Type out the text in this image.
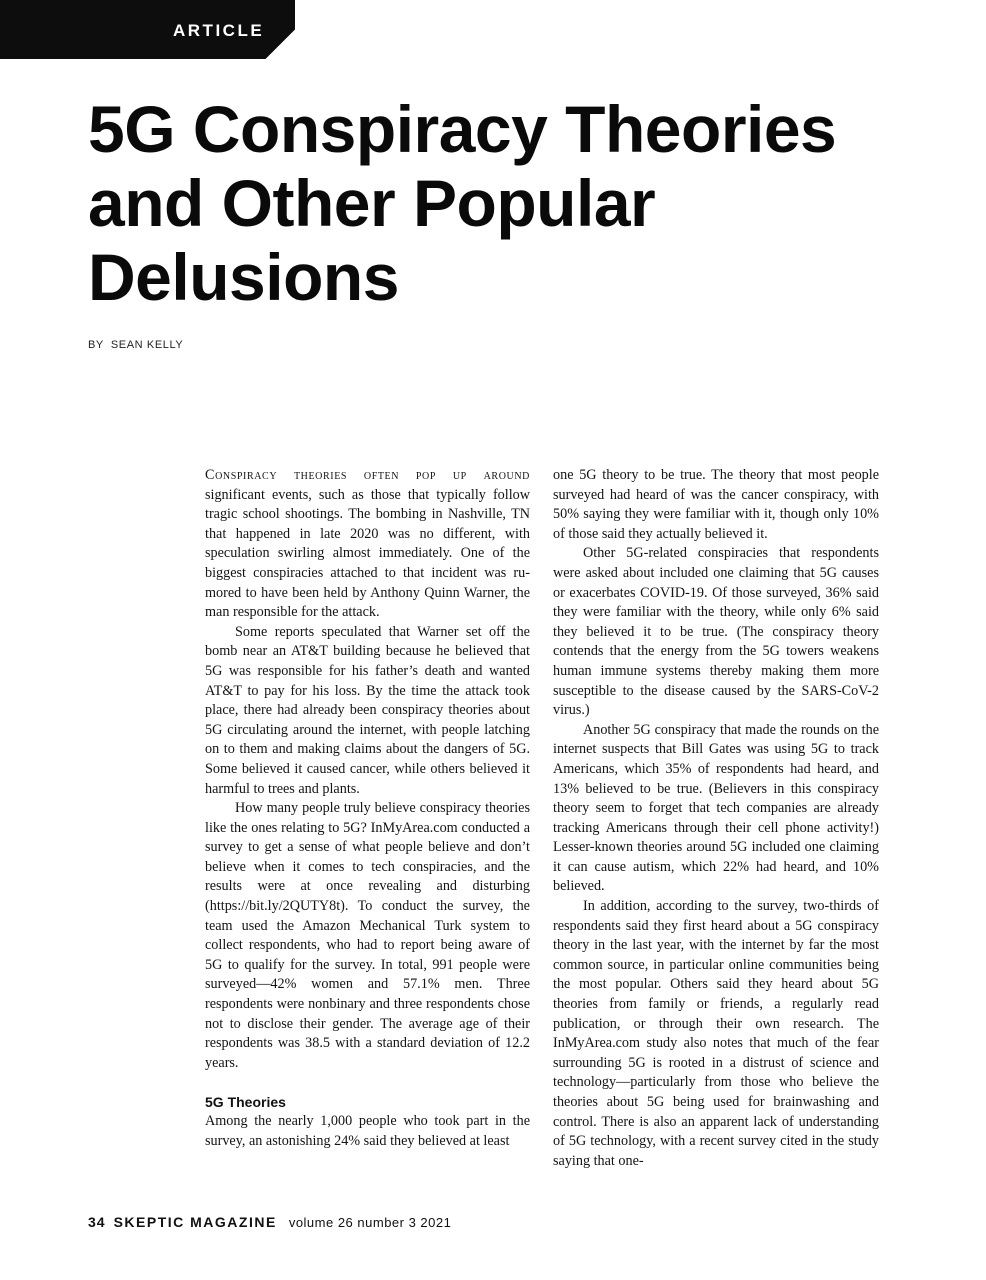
ARTICLE
5G Conspiracy Theories and Other Popular Delusions
BY SEAN KELLY

Conspiracy theories often pop up around significant events, such as those that typically follow tragic school shootings. The bombing in Nashville, TN that happened in late 2020 was no different, with speculation swirling almost immediately. One of the biggest conspiracies attached to that incident was rumored to have been held by Anthony Quinn Warner, the man responsible for the attack.

Some reports speculated that Warner set off the bomb near an AT&T building because he believed that 5G was responsible for his father’s death and wanted AT&T to pay for his loss. By the time the attack took place, there had already been conspiracy theories about 5G circulating around the internet, with people latching on to them and making claims about the dangers of 5G. Some believed it caused cancer, while others believed it harmful to trees and plants.

How many people truly believe conspiracy theories like the ones relating to 5G? InMyArea.com conducted a survey to get a sense of what people believe and don’t believe when it comes to tech conspiracies, and the results were at once revealing and disturbing (https://bit.ly/2QUTY8t). To conduct the survey, the team used the Amazon Mechanical Turk system to collect respondents, who had to report being aware of 5G to qualify for the survey. In total, 991 people were surveyed—42% women and 57.1% men. Three respondents were nonbinary and three respondents chose not to disclose their gender. The average age of their respondents was 38.5 with a standard deviation of 12.2 years.

5G Theories

Among the nearly 1,000 people who took part in the survey, an astonishing 24% said they believed at least

one 5G theory to be true. The theory that most people surveyed had heard of was the cancer conspiracy, with 50% saying they were familiar with it, though only 10% of those said they actually believed it.

Other 5G-related conspiracies that respondents were asked about included one claiming that 5G causes or exacerbates COVID-19. Of those surveyed, 36% said they were familiar with the theory, while only 6% said they believed it to be true. (The conspiracy theory contends that the energy from the 5G towers weakens human immune systems thereby making them more susceptible to the disease caused by the SARS-CoV-2 virus.)

Another 5G conspiracy that made the rounds on the internet suspects that Bill Gates was using 5G to track Americans, which 35% of respondents had heard, and 13% believed to be true. (Believers in this conspiracy theory seem to forget that tech companies are already tracking Americans through their cell phone activity!) Lesser-known theories around 5G included one claiming it can cause autism, which 22% had heard, and 10% believed.

In addition, according to the survey, two-thirds of respondents said they first heard about a 5G conspiracy theory in the last year, with the internet by far the most common source, in particular online communities being the most popular. Others said they heard about 5G theories from family or friends, a regularly read publication, or through their own research. The InMyArea.com study also notes that much of the fear surrounding 5G is rooted in a distrust of science and technology—particularly from those who believe the theories about 5G being used for brainwashing and control. There is also an apparent lack of understanding of 5G technology, with a recent survey cited in the study saying that one-

34 SKEPTIC MAGAZINE volume 26 number 3 2021
